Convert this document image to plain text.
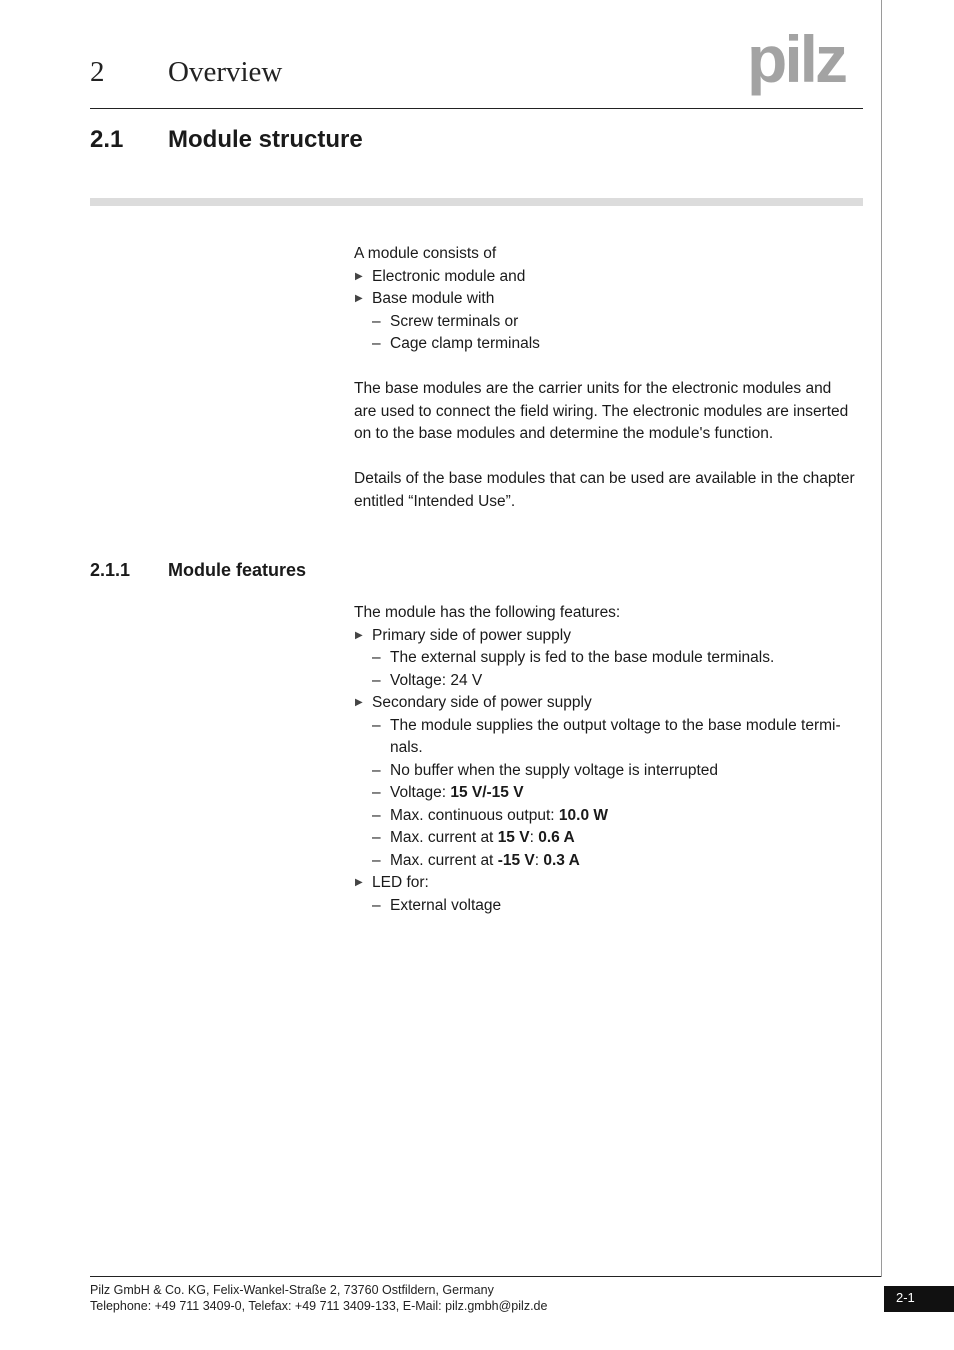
2 Overview	pilz
2.1 Module structure
A module consists of
▶ Electronic module and
▶ Base module with
– Screw terminals or
– Cage clamp terminals
The base modules are the carrier units for the electronic modules and
are used to connect the field wiring. The electronic modules are inserted
on to the base modules and determine the module's function.
Details of the base modules that can be used are available in the chapter
entitled “Intended Use”.
2.1.1 Module features
The module has the following features:
▶ Primary side of power supply
– The external supply is fed to the base module terminals.
– Voltage: 24 V
▶ Secondary side of power supply
– The module supplies the output voltage to the base module termi-
nals.
– No buffer when the supply voltage is interrupted
– Voltage: 15 V/-15 V
– Max. continuous output: 10.0 W
– Max. current at 15 V: 0.6 A
– Max. current at -15 V: 0.3 A
▶ LED for:
– External voltage
Pilz GmbH & Co. KG, Felix-Wankel-Straße 2, 73760 Ostfildern, Germany
Telephone: +49 711 3409-0, Telefax: +49 711 3409-133, E-Mail: pilz.gmbh@pilz.de
2-1
